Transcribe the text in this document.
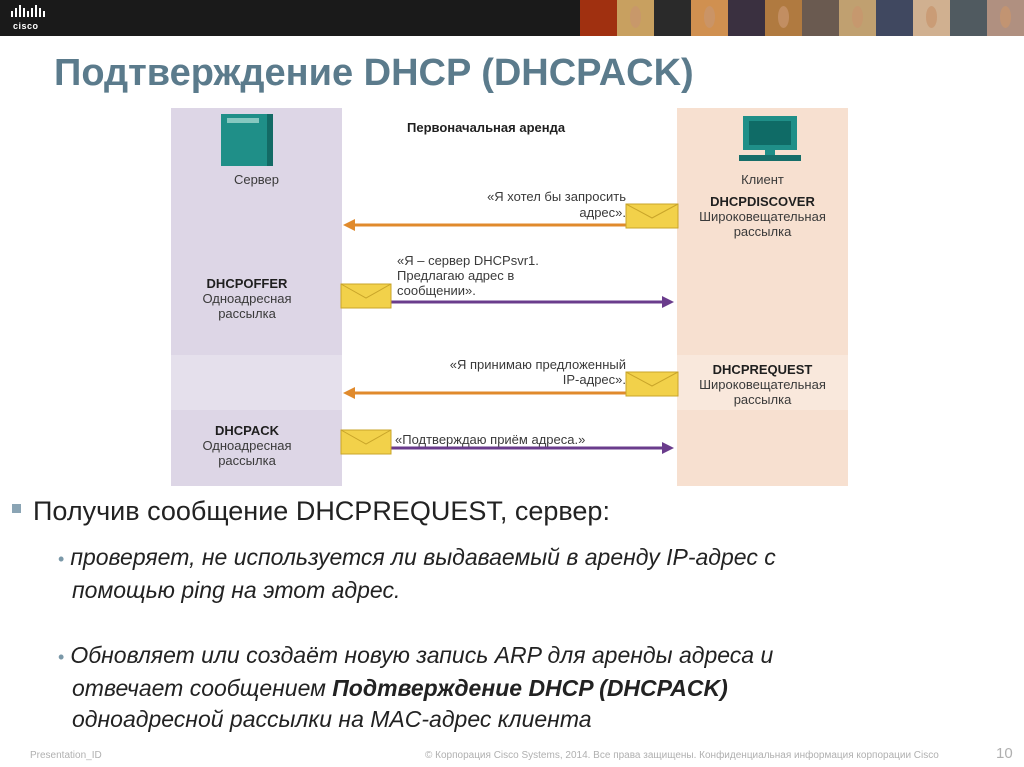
cisco
Подтверждение DHCP (DHCPACK)
Первоначальная аренда
Сервер	Клиент
«Я хотел бы запросить
адрес».
DHCPDISCOVER
Широковещательная
рассылка
DHCPOFFER
Одноадресная
рассылка
«Я – сервер DHCPsvr1.
Предлагаю адрес в
сообщении».
«Я принимаю предложенный
IP-адрес».
DHCPREQUEST
Широковещательная
рассылка
DHCPACK
Одноадресная
рассылка
«Подтверждаю приём адреса.»
Получив сообщение DHCPREQUEST, сервер:
• проверяет, не используется ли выдаваемый в аренду IP-адрес с
помощью ping на этот адрес.
• Обновляет или создаёт новую запись ARP для аренды адреса и
отвечает сообщением Подтверждение DHCP (DHCPACK)
одноадресной рассылки на MAC-адрес клиента
Presentation_ID	© Корпорация Cisco Systems, 2014. Все права защищены. Конфиденциальная информация корпорации Cisco	10
